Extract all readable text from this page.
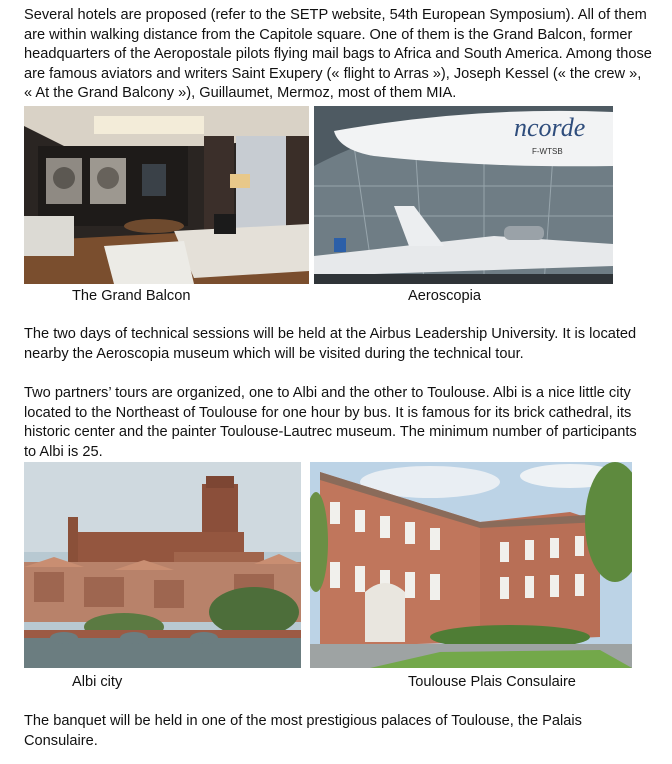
Several hotels are proposed (refer to the SETP website, 54th European Symposium). All of them are within walking distance from the Capitole square. One of them is the Grand Balcon, former headquarters of the Aeropostale pilots flying mail bags to Africa and South America. Among those are famous aviators and writers Saint Exupery (« flight to Arras »), Joseph Kessel (« the crew », « At the Grand Balcony »), Guillaumet, Mermoz, most of them MIA.

ncorde
F-WTSB
The Grand Balcon	Aeroscopia

The two days of technical sessions will be held at the Airbus Leadership University. It is located nearby the Aeroscopia museum which will be visited during the technical tour.

Two partners’ tours are organized, one to Albi and the other to Toulouse. Albi is a nice little city located to the Northeast of Toulouse for one hour by bus. It is famous for its brick cathedral, its historic center and the painter Toulouse-Lautrec museum. The minimum number of participants to Albi is 25.

Albi city	Toulouse Plais Consulaire

The banquet will be held in one of the most prestigious palaces of Toulouse, the Palais Consulaire.
